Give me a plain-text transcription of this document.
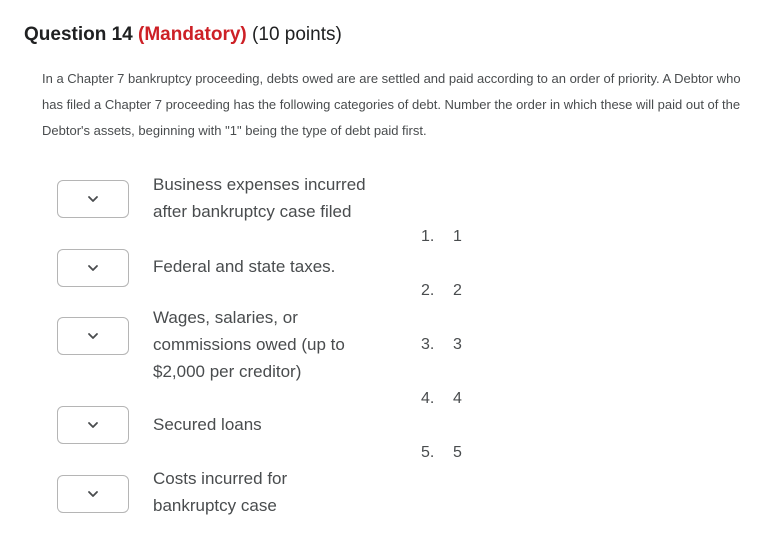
Question 14 (Mandatory) (10 points)
In a Chapter 7 bankruptcy proceeding, debts owed are are settled and paid according to an order of priority. A Debtor who has filed a Chapter 7 proceeding has the following categories of debt. Number the order in which these will paid out of the Debtor's assets, beginning with "1" being the type of debt paid first.
Business expenses incurred after bankruptcy case filed
Federal and state taxes.
Wages, salaries, or commissions owed (up to $2,000 per creditor)
Secured loans
Costs incurred for bankruptcy case
1. 1
2. 2
3. 3
4. 4
5. 5
